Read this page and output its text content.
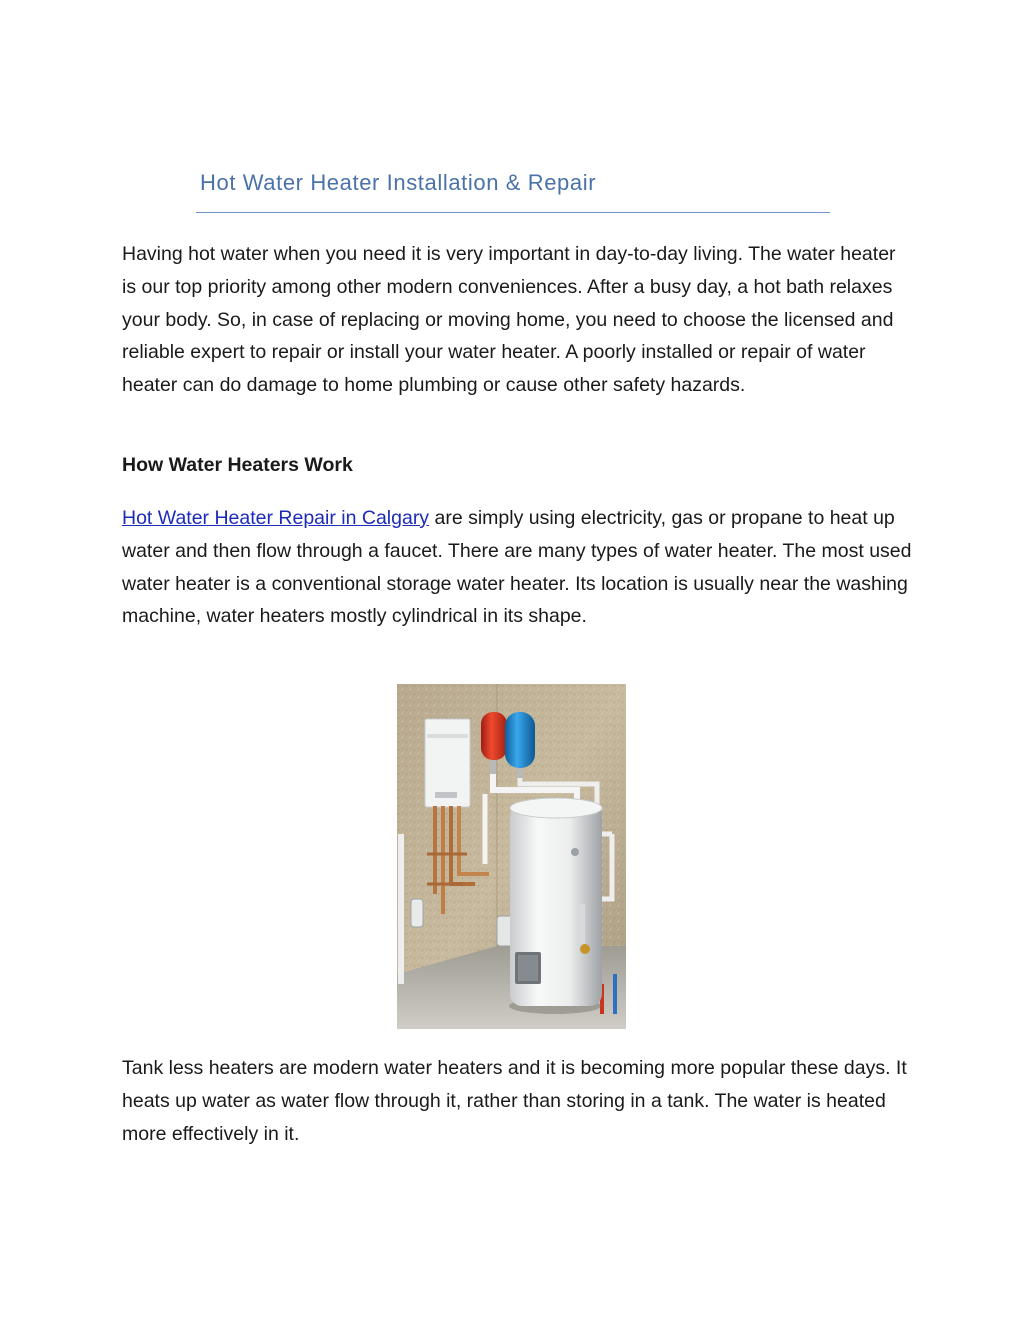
Hot Water Heater Installation & Repair

Having hot water when you need it is very important in day-to-day living. The water heater is our top priority among other modern conveniences. After a busy day, a hot bath relaxes your body. So, in case of replacing or moving home, you need to choose the licensed and reliable expert to repair or install your water heater. A poorly installed or repair of water heater can do damage to home plumbing or cause other safety hazards.

How Water Heaters Work

Hot Water Heater Repair in Calgary are simply using electricity, gas or propane to heat up water and then flow through a faucet. There are many types of water heater. The most used water heater is a conventional storage water heater. Its location is usually near the washing machine, water heaters mostly cylindrical in its shape.

Tank less heaters are modern water heaters and it is becoming more popular these days. It heats up water as water flow through it, rather than storing in a tank. The water is heated more effectively in it.
